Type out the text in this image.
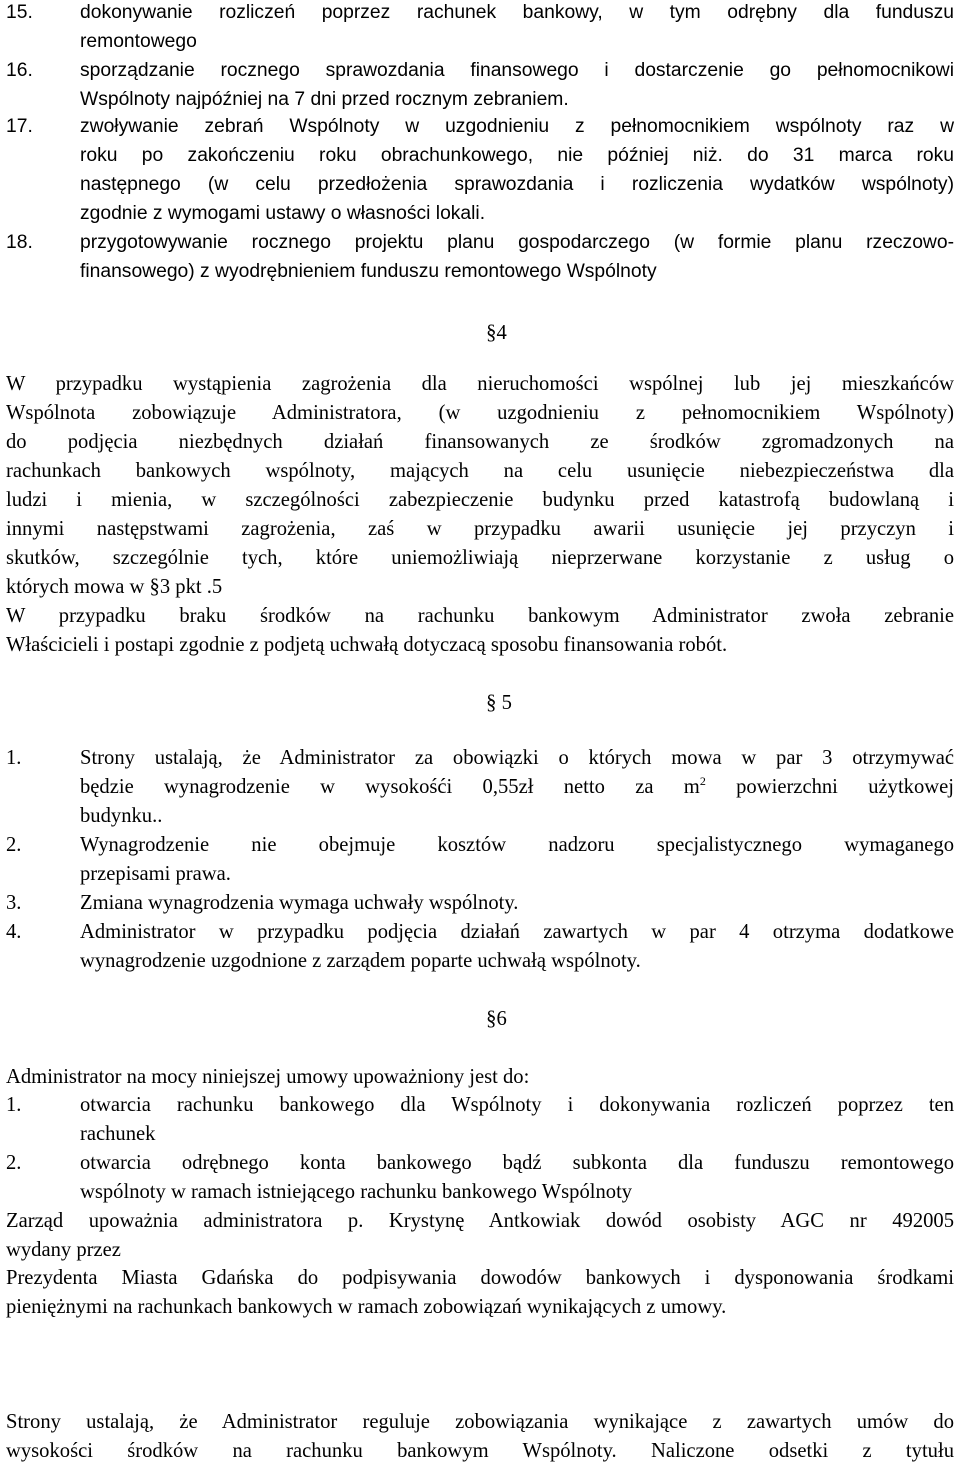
15. dokonywanie rozliczeń poprzez rachunek bankowy, w tym odrębny dla funduszu
remontowego
16. sporządzanie rocznego sprawozdania finansowego i dostarczenie go pełnomocnikowi
Wspólnoty najpóźniej na 7 dni przed rocznym zebraniem.
17. zwoływanie zebrań Wspólnoty w uzgodnieniu z pełnomocnikiem wspólnoty raz w
roku po zakończeniu roku obrachunkowego, nie później niż. do 31 marca roku
następnego (w celu przedłożenia sprawozdania i rozliczenia wydatków wspólnoty)
zgodnie z wymogami ustawy o własności lokali.
18. przygotowywanie rocznego projektu planu gospodarczego (w formie planu rzeczowo-
finansowego) z wyodrębnieniem funduszu remontowego Wspólnoty
§4
W przypadku wystąpienia zagrożenia dla nieruchomości wspólnej lub jej mieszkańców
Wspólnota zobowiązuje Administratora, (w uzgodnieniu z pełnomocnikiem Wspólnoty)
do podjęcia niezbędnych działań finansowanych ze środków zgromadzonych na
rachunkach bankowych wspólnoty, mających na celu usunięcie niebezpieczeństwa dla
ludzi i mienia, w szczególności zabezpieczenie budynku przed katastrofą budowlaną i
innymi następstwami zagrożenia, zaś w przypadku awarii usunięcie jej przyczyn i
skutków, szczególnie tych, które uniemożliwiają nieprzerwane korzystanie z usług o
których mowa w §3 pkt .5
W przypadku braku środków na rachunku bankowym Administrator zwoła zebranie
Właścicieli i postapi zgodnie z podjetą uchwałą dotyczacą sposobu finansowania robót.
§ 5
1.	Strony ustalają, że Administrator za obowiązki o których mowa w par 3 otrzymywać
będzie wynagrodzenie w wysokośći 0,55zł netto za $m^2$ powierzchni użytkowej
budynku..
2.	Wynagrodzenie nie obejmuje kosztów nadzoru specjalistycznego wymaganego
przepisami prawa.
3.	Zmiana wynagrodzenia wymaga uchwały wspólnoty.
4.	Administrator w przypadku podjęcia działań zawartych w par 4 otrzyma dodatkowe
wynagrodzenie uzgodnione z zarządem poparte uchwałą wspólnoty.
§6
Administrator na mocy niniejszej umowy upoważniony jest do:
1.	otwarcia rachunku bankowego dla Wspólnoty i dokonywania rozliczeń poprzez ten
rachunek
2.	otwarcia odrębnego konta bankowego bądź subkonta dla funduszu remontowego
wspólnoty w ramach istniejącego rachunku bankowego Wspólnoty
Zarząd upoważnia administratora p. Krystynę Antkowiak dowód osobisty AGC nr 492005
wydany przez
Prezydenta Miasta Gdańska do podpisywania dowodów bankowych i dysponowania środkami
pieniężnymi na rachunkach bankowych w ramach zobowiązań wynikających z umowy.
Strony ustalają, że Administrator reguluje zobowiązania wynikające z zawartych umów do
wysokości środków na rachunku bankowym Wspólnoty. Naliczone odsetki z tytułu
